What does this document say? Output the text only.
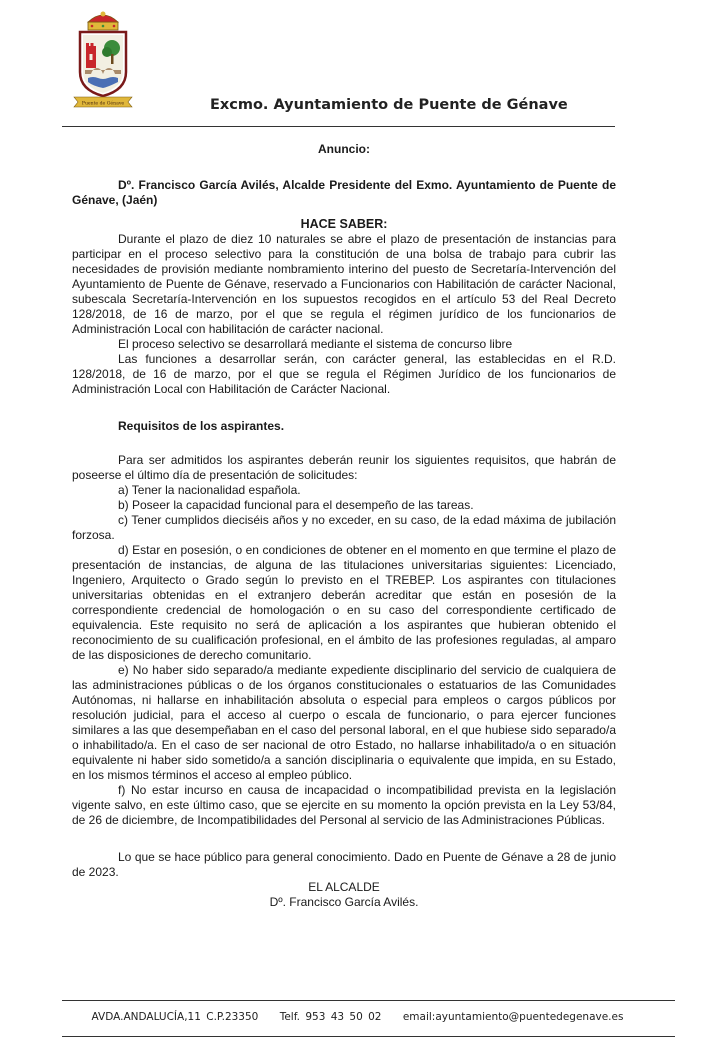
Puente de Génave	Excmo. Ayuntamiento de Puente de Génave

Anuncio:

Dº. Francisco García Avilés, Alcalde Presidente del Exmo. Ayuntamiento de Puente de Génave, (Jaén)

HACE SABER:

Durante el plazo de diez 10 naturales se abre el plazo de presentación de instancias para participar en el proceso selectivo para la constitución de una bolsa de trabajo para cubrir las necesidades de provisión mediante nombramiento interino del puesto de Secretaría-Intervención del Ayuntamiento de Puente de Génave, reservado a Funcionarios con Habilitación de carácter Nacional, subescala Secretaría-Intervención en los supuestos recogidos en el artículo 53 del Real Decreto 128/2018, de 16 de marzo, por el que se regula el régimen jurídico de los funcionarios de Administración Local con habilitación de carácter nacional.

El proceso selectivo se desarrollará mediante el sistema de concurso libre

Las funciones a desarrollar serán, con carácter general, las establecidas en el R.D. 128/2018, de 16 de marzo, por el que se regula el Régimen Jurídico de los funcionarios de Administración Local con Habilitación de Carácter Nacional.

Requisitos de los aspirantes.

Para ser admitidos los aspirantes deberán reunir los siguientes requisitos, que habrán de poseerse el último día de presentación de solicitudes:

a) Tener la nacionalidad española.

b) Poseer la capacidad funcional para el desempeño de las tareas.

c) Tener cumplidos dieciséis años y no exceder, en su caso, de la edad máxima de jubilación forzosa.

d) Estar en posesión, o en condiciones de obtener en el momento en que termine el plazo de presentación de instancias, de alguna de las titulaciones universitarias siguientes: Licenciado, Ingeniero, Arquitecto o Grado según lo previsto en el TREBEP. Los aspirantes con titulaciones universitarias obtenidas en el extranjero deberán acreditar que están en posesión de la correspondiente credencial de homologación o en su caso del correspondiente certificado de equivalencia. Este requisito no será de aplicación a los aspirantes que hubieran obtenido el reconocimiento de su cualificación profesional, en el ámbito de las profesiones reguladas, al amparo de las disposiciones de derecho comunitario.

e) No haber sido separado/a mediante expediente disciplinario del servicio de cualquiera de las administraciones públicas o de los órganos constitucionales o estatuarios de las Comunidades Autónomas, ni hallarse en inhabilitación absoluta o especial para empleos o cargos públicos por resolución judicial, para el acceso al cuerpo o escala de funcionario, o para ejercer funciones similares a las que desempeñaban en el caso del personal laboral, en el que hubiese sido separado/a o inhabilitado/a. En el caso de ser nacional de otro Estado, no hallarse inhabilitado/a o en situación equivalente ni haber sido sometido/a a sanción disciplinaria o equivalente que impida, en su Estado, en los mismos términos el acceso al empleo público.

f) No estar incurso en causa de incapacidad o incompatibilidad prevista en la legislación vigente salvo, en este último caso, que se ejercite en su momento la opción prevista en la Ley 53/84, de 26 de diciembre, de Incompatibilidades del Personal al servicio de las Administraciones Públicas.

Lo que se hace público para general conocimiento. Dado en Puente de Génave a 28 de junio de 2023.

EL ALCALDE

Dº. Francisco García Avilés.

AVDA.ANDALUCÍA,11 C.P.23350 Telf. 953 43 50 02 email:ayuntamiento@puentedegenave.es
